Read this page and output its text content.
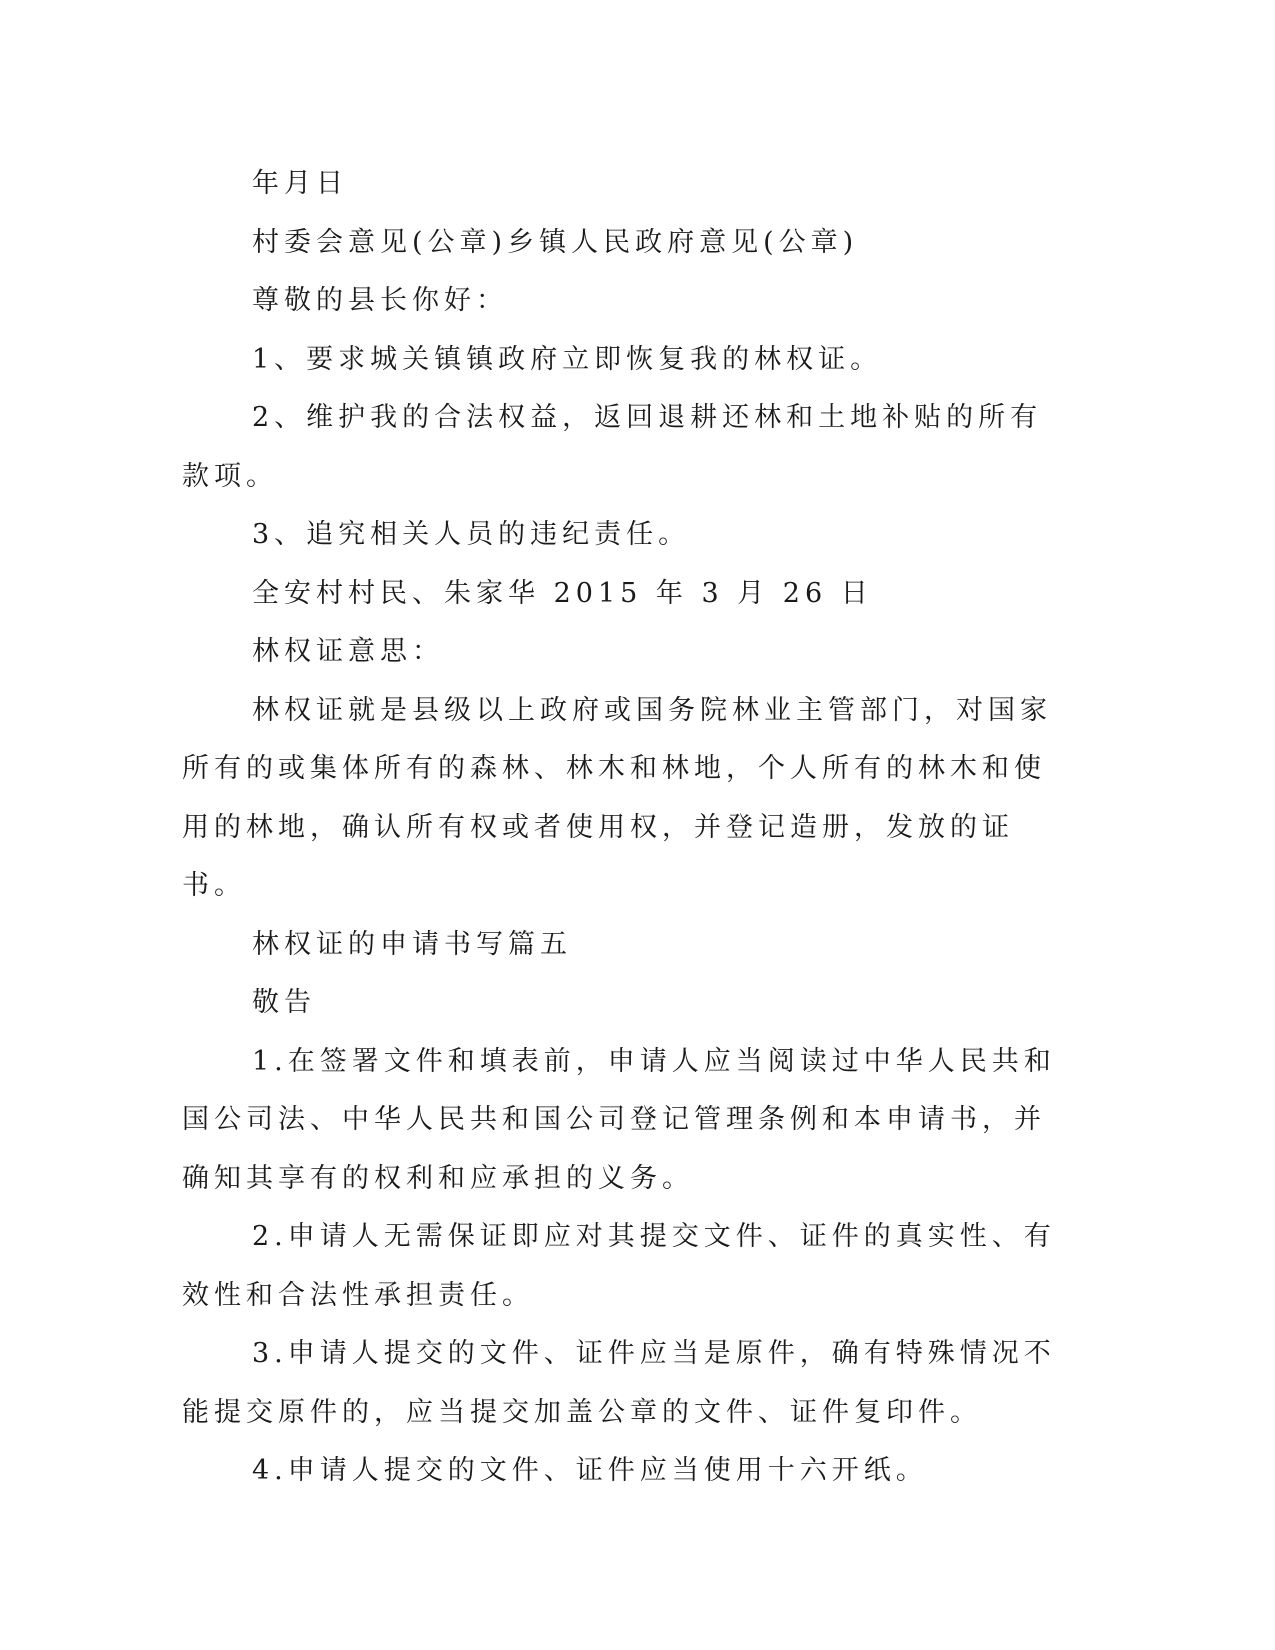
年月日

村委会意见(公章)乡镇人民政府意见(公章)

尊敬的县长你好：

1、要求城关镇镇政府立即恢复我的林权证。

2、维护我的合法权益，返回退耕还林和土地补贴的所有款项。

3、追究相关人员的违纪责任。

全安村村民、朱家华 2015 年 3 月 26 日

林权证意思：

林权证就是县级以上政府或国务院林业主管部门，对国家所有的或集体所有的森林、林木和林地，个人所有的林木和使用的林地，确认所有权或者使用权，并登记造册，发放的证书。

林权证的申请书写篇五

敬告

1.在签署文件和填表前，申请人应当阅读过中华人民共和国公司法、中华人民共和国公司登记管理条例和本申请书，并确知其享有的权利和应承担的义务。

2.申请人无需保证即应对其提交文件、证件的真实性、有效性和合法性承担责任。

3.申请人提交的文件、证件应当是原件，确有特殊情况不能提交原件的，应当提交加盖公章的文件、证件复印件。

4.申请人提交的文件、证件应当使用十六开纸。
